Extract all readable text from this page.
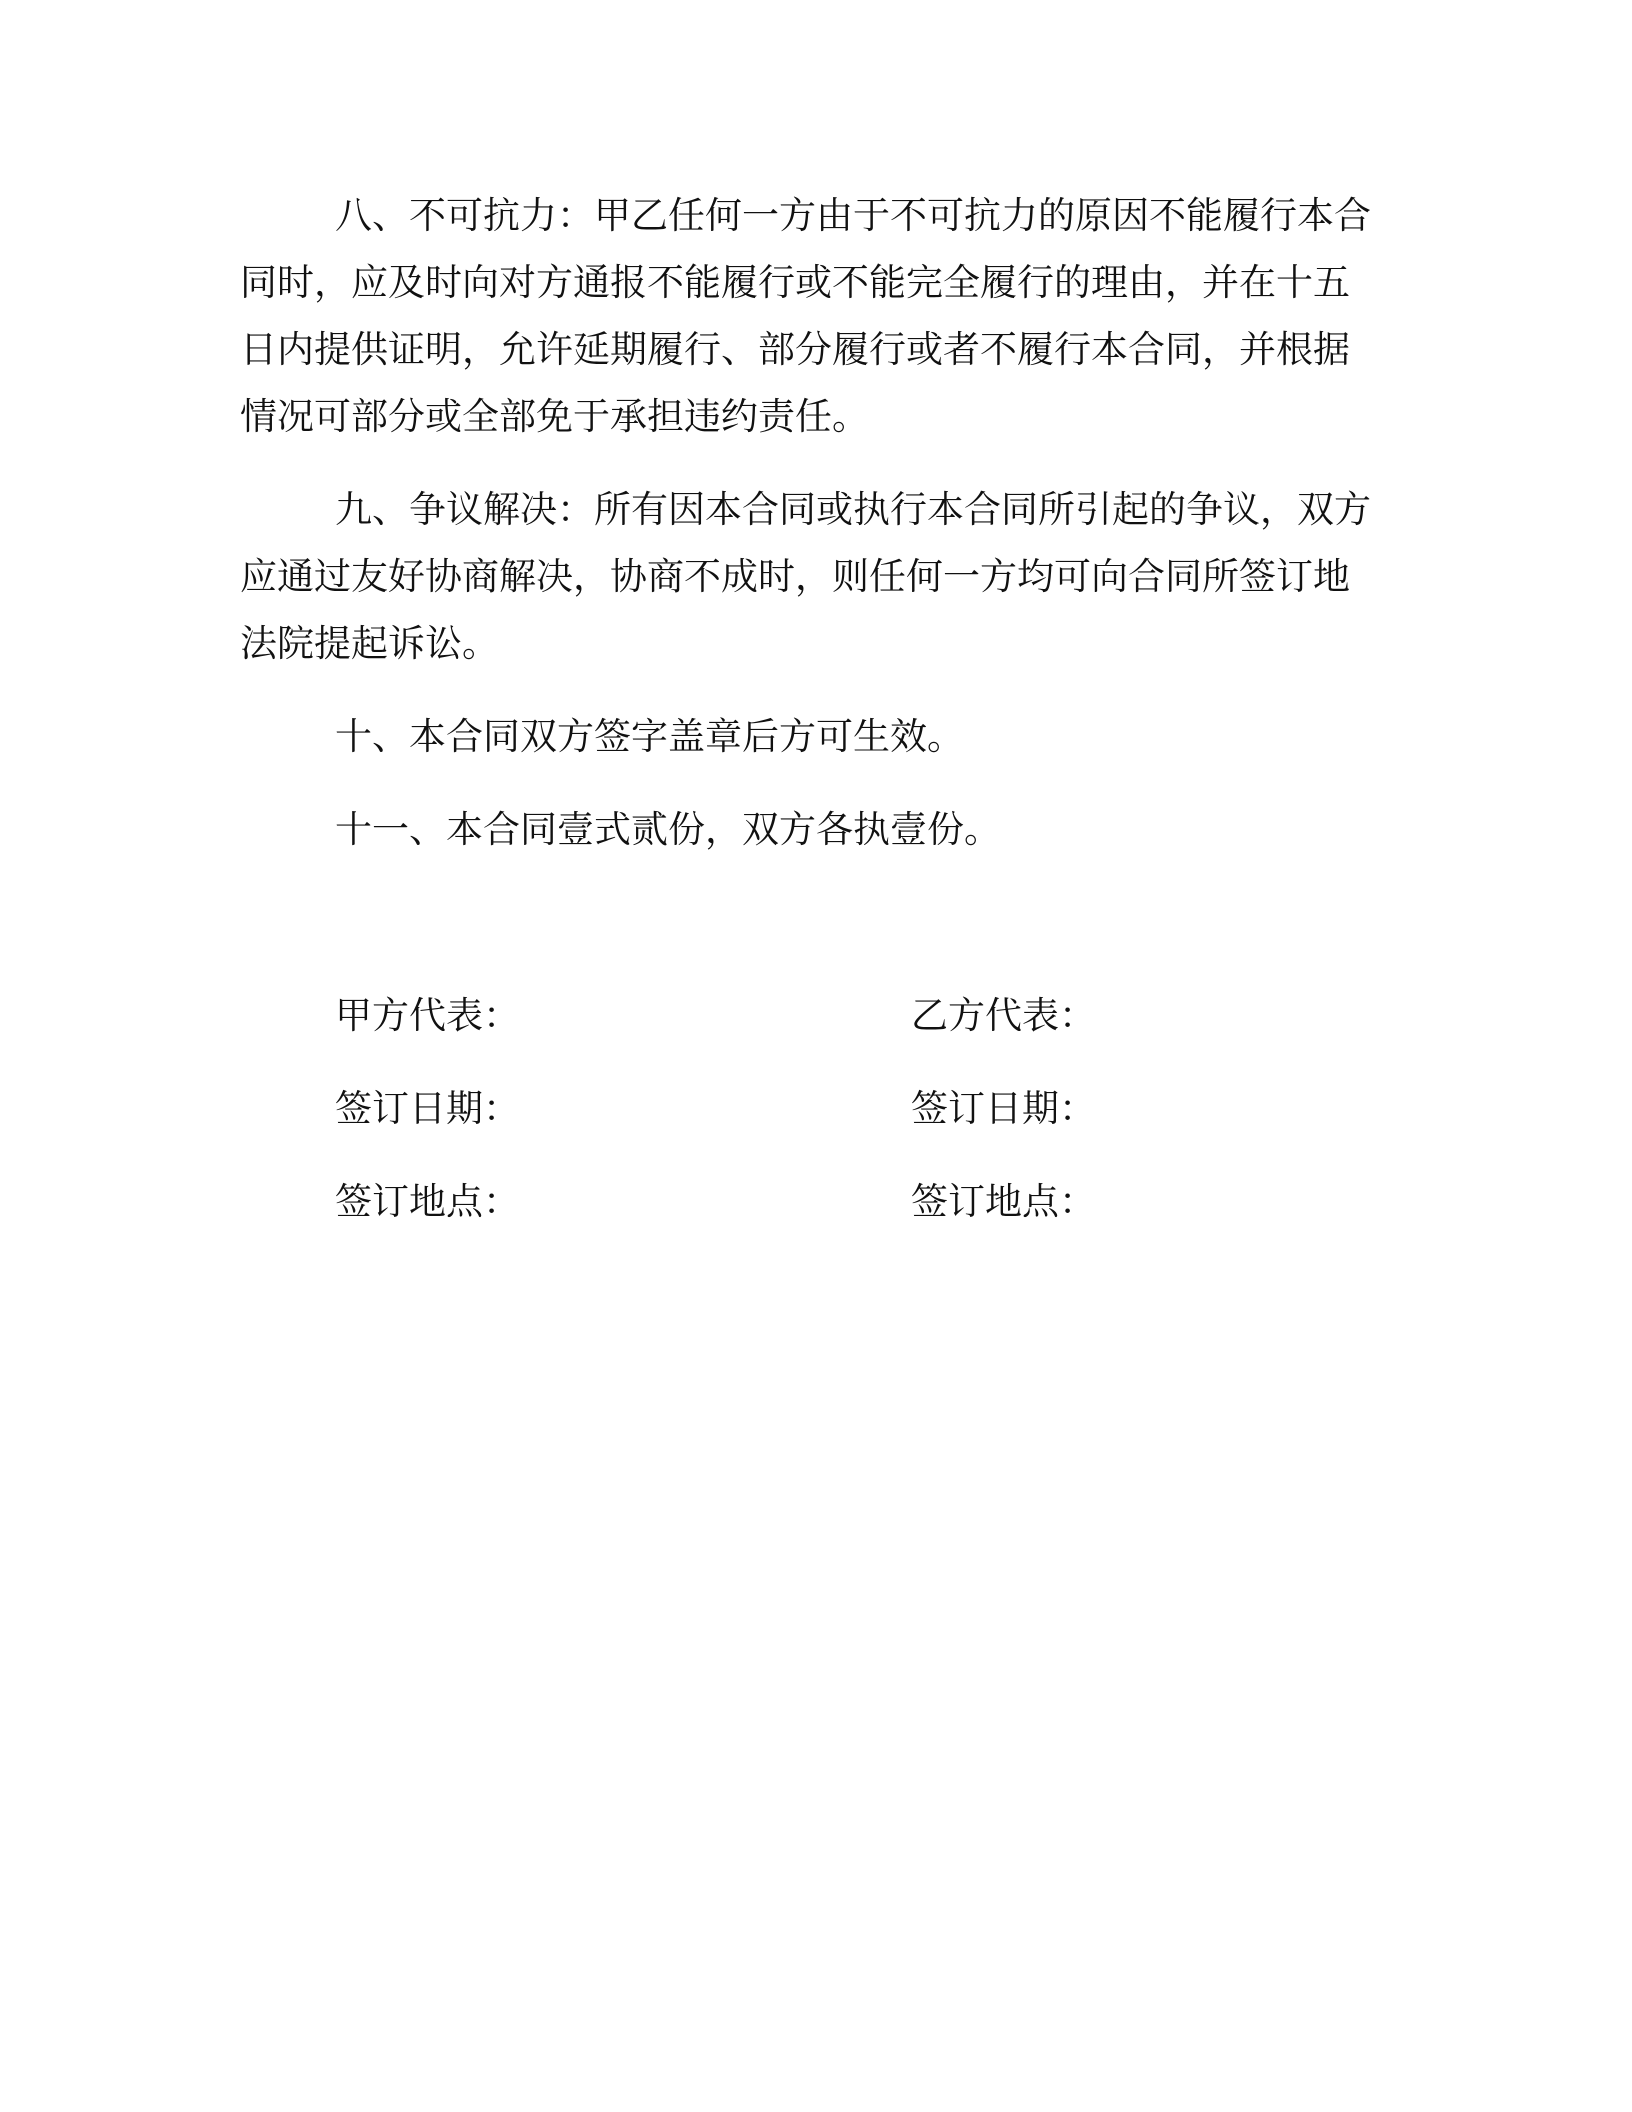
八、不可抗力：甲乙任何一方由于不可抗力的原因不能履行本合
同时，应及时向对方通报不能履行或不能完全履行的理由，并在十五
日内提供证明，允许延期履行、部分履行或者不履行本合同，并根据
情况可部分或全部免于承担违约责任。
九、争议解决：所有因本合同或执行本合同所引起的争议，双方
应通过友好协商解决，协商不成时，则任何一方均可向合同所签订地
法院提起诉讼。
十、本合同双方签字盖章后方可生效。
十一、本合同壹式贰份，双方各执壹份。
甲方代表：	乙方代表：
签订日期：	签订日期：
签订地点：	签订地点：
